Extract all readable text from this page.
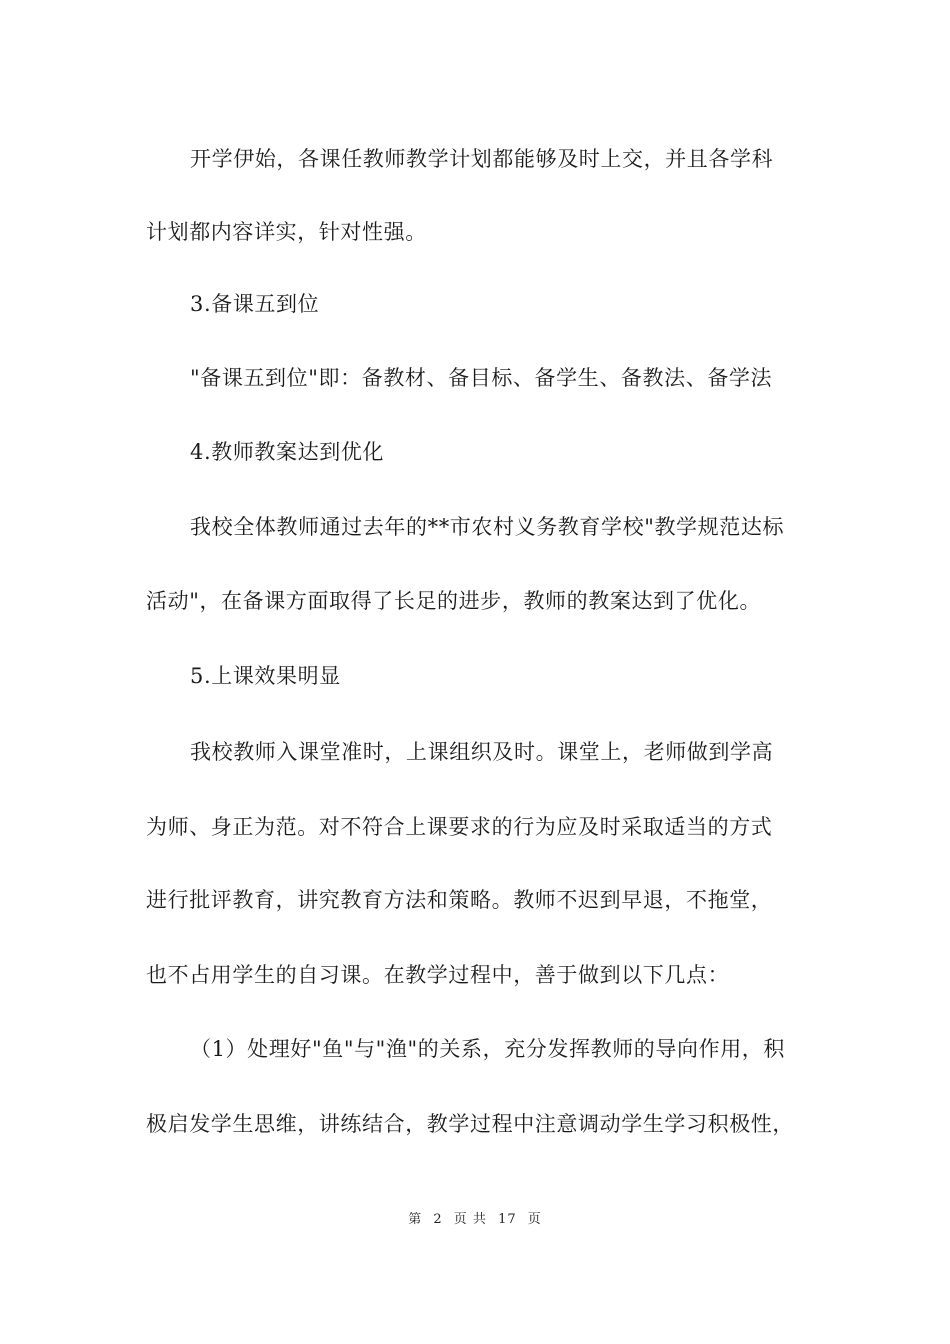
开学伊始，各课任教师教学计划都能够及时上交，并且各学科
计划都内容详实，针对性强。
3.备课五到位
"备课五到位"即：备教材、备目标、备学生、备教法、备学法
4.教师教案达到优化
我校全体教师通过去年的**市农村义务教育学校"教学规范达标
活动"，在备课方面取得了长足的进步，教师的教案达到了优化。
5.上课效果明显
我校教师入课堂准时，上课组织及时。课堂上，老师做到学高
为师、身正为范。对不符合上课要求的行为应及时采取适当的方式
进行批评教育，讲究教育方法和策略。教师不迟到早退，不拖堂，
也不占用学生的自习课。在教学过程中，善于做到以下几点：
（1）处理好"鱼"与"渔"的关系，充分发挥教师的导向作用，积
极启发学生思维，讲练结合，教学过程中注意调动学生学习积极性，
第 2 页 共 17 页
